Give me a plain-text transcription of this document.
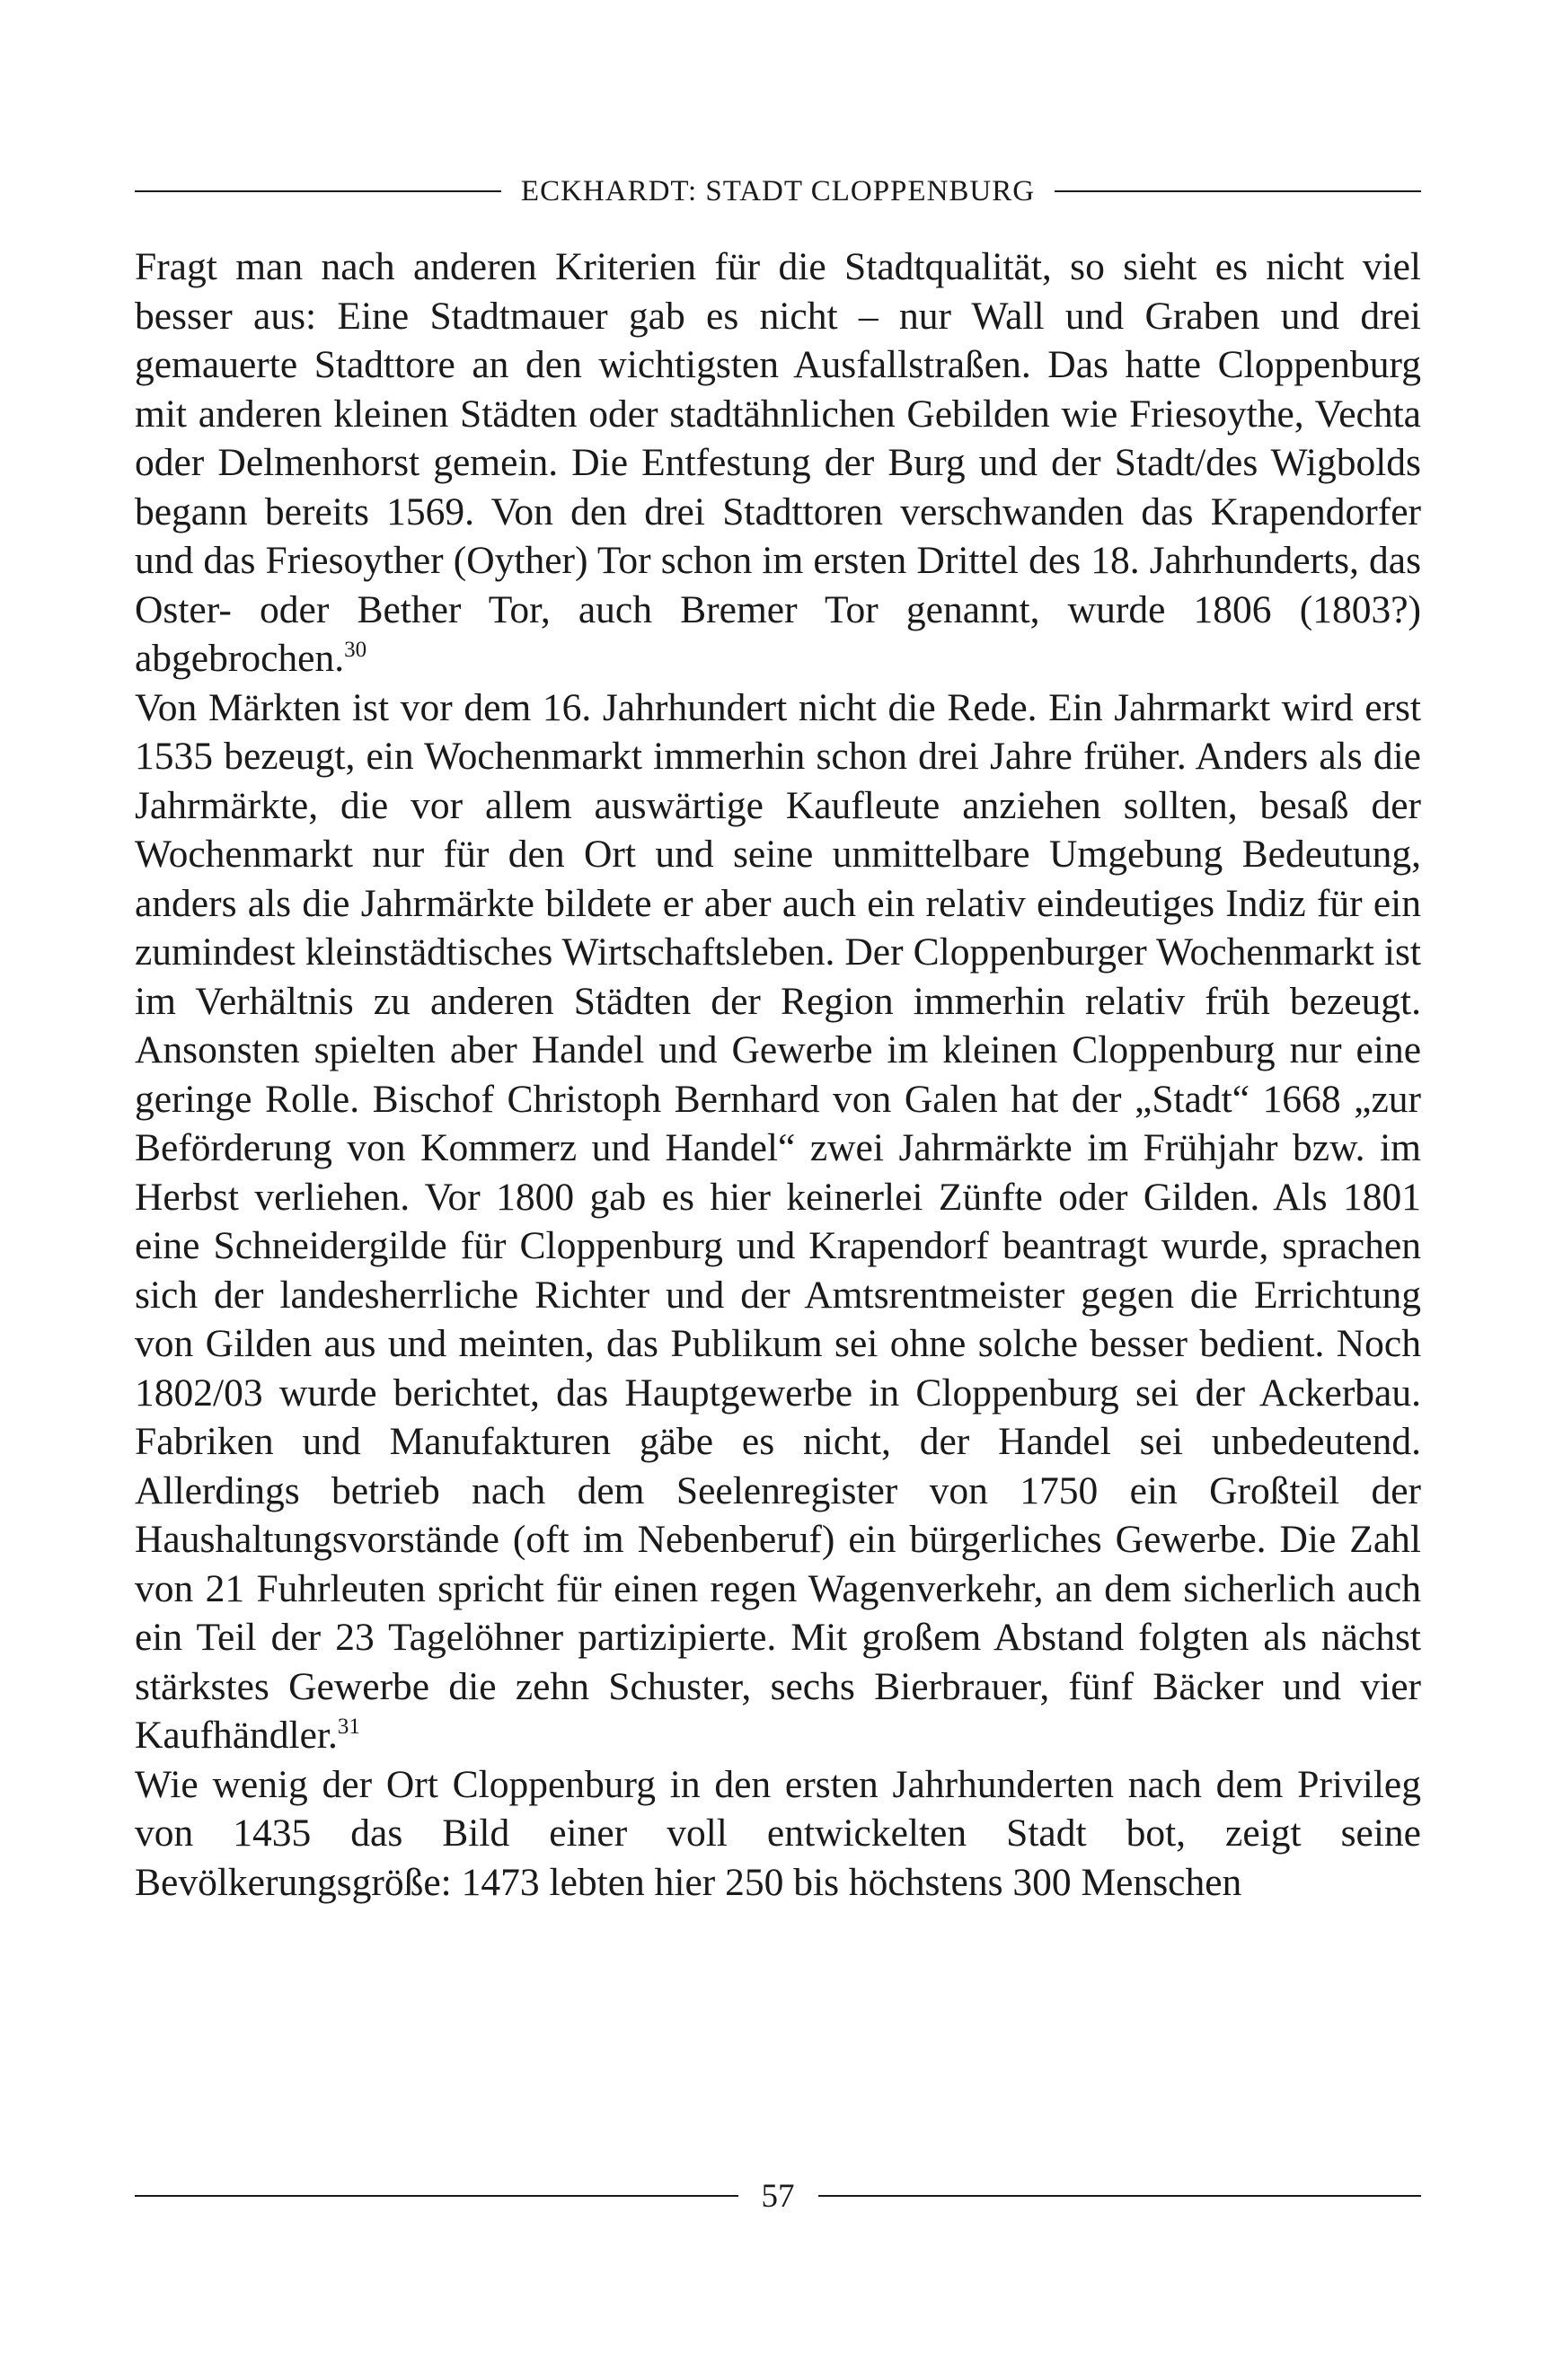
ECKHARDT: STADT CLOPPENBURG

Fragt man nach anderen Kriterien für die Stadtqualität, so sieht es nicht viel besser aus: Eine Stadtmauer gab es nicht – nur Wall und Graben und drei gemauerte Stadttore an den wichtigsten Ausfallstraßen. Das hatte Cloppenburg mit anderen kleinen Städten oder stadtähnlichen Gebilden wie Friesoythe, Vechta oder Delmenhorst gemein. Die Entfestung der Burg und der Stadt/des Wigbolds begann bereits 1569. Von den drei Stadttoren verschwanden das Krapendorfer und das Friesoyther (Oyther) Tor schon im ersten Drittel des 18. Jahrhunderts, das Oster- oder Bether Tor, auch Bremer Tor genannt, wurde 1806 (1803?) abgebrochen.$^{30}$

Von Märkten ist vor dem 16. Jahrhundert nicht die Rede. Ein Jahrmarkt wird erst 1535 bezeugt, ein Wochenmarkt immerhin schon drei Jahre früher. Anders als die Jahrmärkte, die vor allem auswärtige Kaufleute anziehen sollten, besaß der Wochenmarkt nur für den Ort und seine unmittelbare Umgebung Bedeutung, anders als die Jahrmärkte bildete er aber auch ein relativ eindeutiges Indiz für ein zumindest kleinstädtisches Wirtschaftsleben. Der Cloppenburger Wochenmarkt ist im Verhältnis zu anderen Städten der Region immerhin relativ früh bezeugt. Ansonsten spielten aber Handel und Gewerbe im kleinen Cloppenburg nur eine geringe Rolle. Bischof Christoph Bernhard von Galen hat der „Stadt“ 1668 „zur Beförderung von Kommerz und Handel“ zwei Jahrmärkte im Frühjahr bzw. im Herbst verliehen. Vor 1800 gab es hier keinerlei Zünfte oder Gilden. Als 1801 eine Schneidergilde für Cloppenburg und Krapendorf beantragt wurde, sprachen sich der landesherrliche Richter und der Amtsrentmeister gegen die Errichtung von Gilden aus und meinten, das Publikum sei ohne solche besser bedient. Noch 1802/03 wurde berichtet, das Hauptgewerbe in Cloppenburg sei der Ackerbau. Fabriken und Manufakturen gäbe es nicht, der Handel sei unbedeutend. Allerdings betrieb nach dem Seelenregister von 1750 ein Großteil der Haushaltungsvorstände (oft im Nebenberuf) ein bürgerliches Gewerbe. Die Zahl von 21 Fuhrleuten spricht für einen regen Wagenverkehr, an dem sicherlich auch ein Teil der 23 Tagelöhner partizipierte. Mit großem Abstand folgten als nächst stärkstes Gewerbe die zehn Schuster, sechs Bierbrauer, fünf Bäcker und vier Kaufhändler.$^{31}$

Wie wenig der Ort Cloppenburg in den ersten Jahrhunderten nach dem Privileg von 1435 das Bild einer voll entwickelten Stadt bot, zeigt seine Bevölkerungsgröße: 1473 lebten hier 250 bis höchstens 300 Menschen

57
